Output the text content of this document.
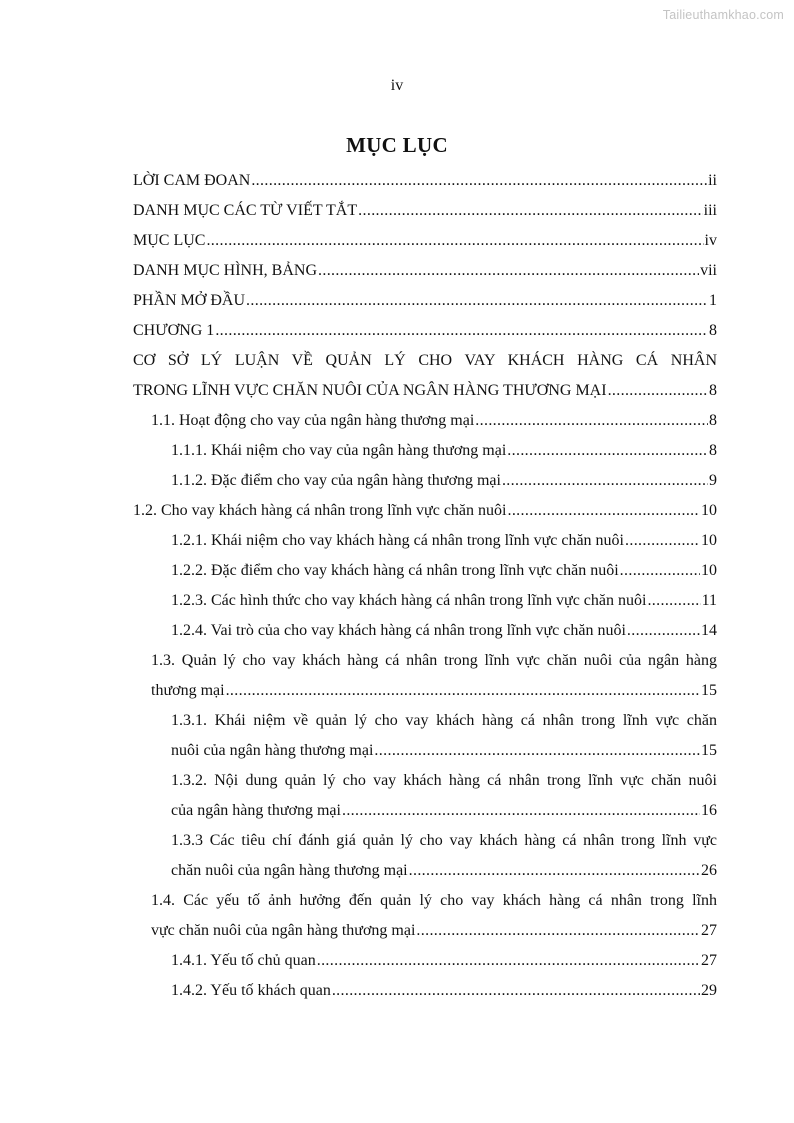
Tailieuthamkhao.com
iv
MỤC LỤC
LỜI CAM ĐOAN .....	ii
DANH MỤC CÁC TỪ VIẾT TẮT .....	iii
MỤC LỤC .....	iv
DANH MỤC HÌNH, BẢNG .....	vii
PHẦN MỞ ĐẦU .....	1
CHƯƠNG 1 .....	8
CƠ SỞ LÝ LUẬN VỀ QUẢN LÝ CHO VAY KHÁCH HÀNG CÁ NHÂN
TRONG LĨNH VỰC CHĂN NUÔI CỦA NGÂN HÀNG THƯƠNG MẠI .....	8
1.1. Hoạt động cho vay của ngân hàng thương mại .....	8
1.1.1. Khái niệm cho vay của ngân hàng thương mại .....	8
1.1.2. Đặc điểm cho vay của ngân hàng thương mại .....	9
1.2. Cho vay khách hàng cá nhân trong lĩnh vực chăn nuôi .....	10
1.2.1. Khái niệm cho vay khách hàng cá nhân trong lĩnh vực chăn nuôi .....	10
1.2.2. Đặc điểm cho vay khách hàng cá nhân trong lĩnh vực chăn nuôi .....	10
1.2.3. Các hình thức cho vay khách hàng cá nhân trong lĩnh vực chăn nuôi .....	11
1.2.4. Vai trò của cho vay khách hàng cá nhân trong lĩnh vực chăn nuôi .....	14
1.3. Quản lý cho vay khách hàng cá nhân trong lĩnh vực chăn nuôi của ngân hàng
thương mại .....	15
1.3.1. Khái niệm về quản lý cho vay khách hàng cá nhân trong lĩnh vực chăn
nuôi của ngân hàng thương mại .....	15
1.3.2. Nội dung quản lý cho vay khách hàng cá nhân trong lĩnh vực chăn nuôi
của ngân hàng thương mại .....	16
1.3.3 Các tiêu chí đánh giá quản lý cho vay khách hàng cá nhân trong lĩnh vực
chăn nuôi của ngân hàng thương mại .....	26
1.4. Các yếu tố ảnh hưởng đến quản lý cho vay khách hàng cá nhân trong lĩnh
vực chăn nuôi của ngân hàng thương mại .....	27
1.4.1. Yếu tố chủ quan .....	27
1.4.2. Yếu tố khách quan .....	29
